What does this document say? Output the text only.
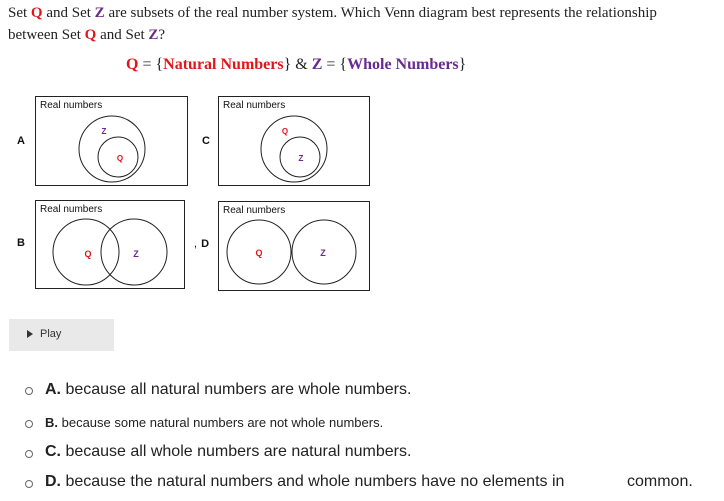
Set Q and Set Z are subsets of the real number system. Which Venn diagram best represents the relationship
between Set Q and Set Z?
Q = {Natural Numbers} & Z = {Whole Numbers}
A	C
B	, D
Real numbers
Z
Q
Real numbers
Q
Z
Real numbers
Q	Z
Real numbers
Q	Z
Play
A. because all natural numbers are whole numbers.
B. because some natural numbers are not whole numbers.
C. because all whole numbers are natural numbers.
D. because the natural numbers and whole numbers have no elements in	common.
